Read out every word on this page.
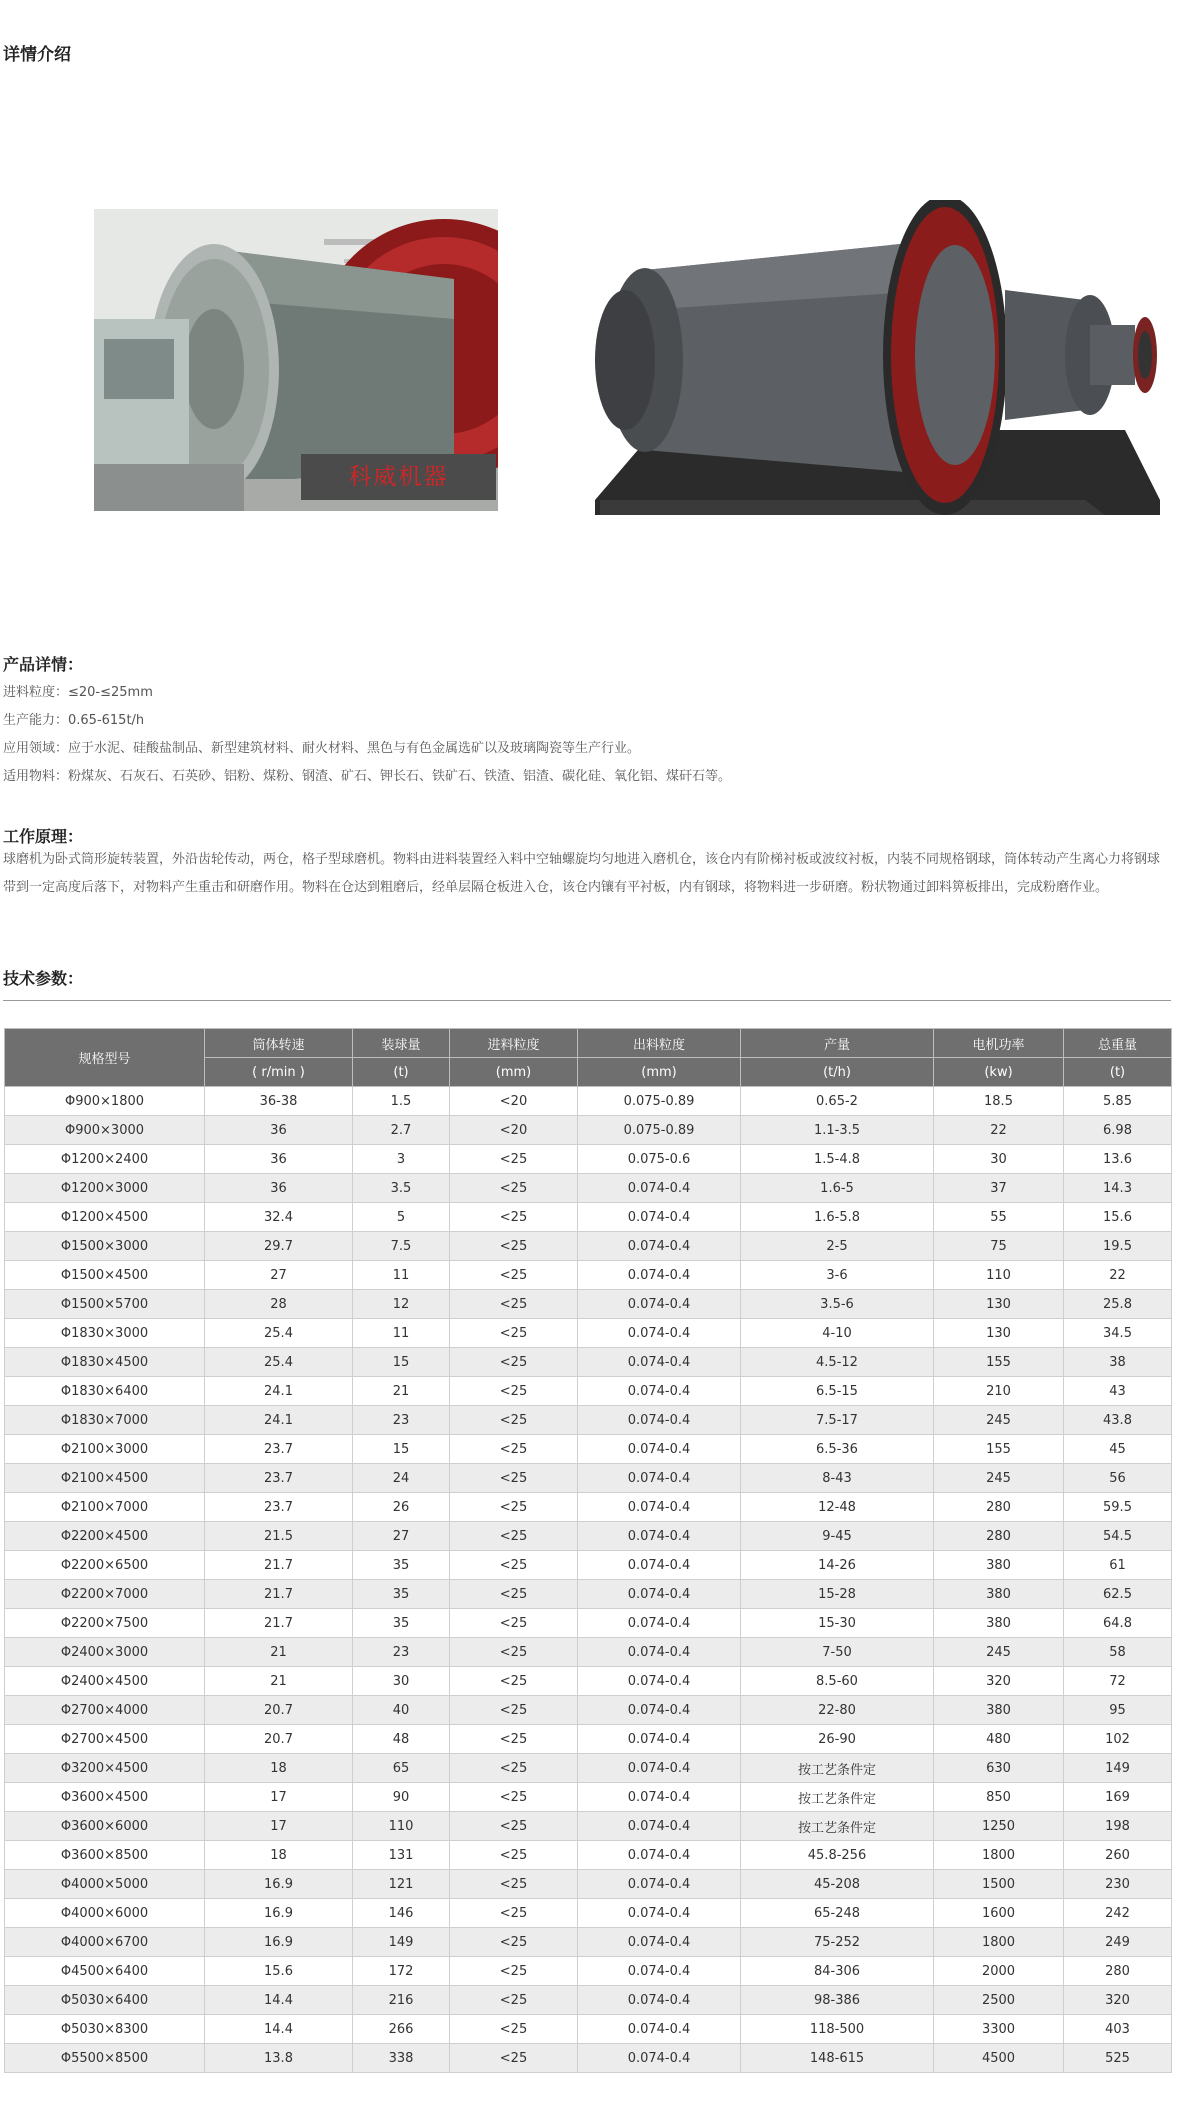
详情介绍
科威机器
产品详情：
进料粒度：≤20-≤25mm
生产能力：0.65-615t/h
应用领域：应于水泥、硅酸盐制品、新型建筑材料、耐火材料、黑色与有色金属选矿以及玻璃陶瓷等生产行业。
适用物料：粉煤灰、石灰石、石英砂、铝粉、煤粉、钢渣、矿石、钾长石、铁矿石、铁渣、铝渣、碳化硅、氧化铝、煤矸石等。
工作原理：
球磨机为卧式筒形旋转装置，外沿齿轮传动，两仓，格子型球磨机。物料由进料装置经入料中空轴螺旋均匀地进入磨机仓，该仓内有阶梯衬板或波纹衬板，内装不同规格钢球，筒体转动产生离心力将钢球带到一定高度后落下，对物料产生重击和研磨作用。物料在仓达到粗磨后，经单层隔仓板进入仓，该仓内镶有平衬板，内有钢球，将物料进一步研磨。粉状物通过卸料箅板排出，完成粉磨作业。
技术参数：
规格型号	筒体转速	装球量	进料粒度	出料粒度	产量	电机功率	总重量
	( r/min )	(t)	(mm)	(mm)	(t/h)	(kw)	(t)
Φ900×1800	36-38	1.5	<20	0.075-0.89	0.65-2	18.5	5.85
Φ900×3000	36	2.7	<20	0.075-0.89	1.1-3.5	22	6.98
Φ1200×2400	36	3	<25	0.075-0.6	1.5-4.8	30	13.6
Φ1200×3000	36	3.5	<25	0.074-0.4	1.6-5	37	14.3
Φ1200×4500	32.4	5	<25	0.074-0.4	1.6-5.8	55	15.6
Φ1500×3000	29.7	7.5	<25	0.074-0.4	2-5	75	19.5
Φ1500×4500	27	11	<25	0.074-0.4	3-6	110	22
Φ1500×5700	28	12	<25	0.074-0.4	3.5-6	130	25.8
Φ1830×3000	25.4	11	<25	0.074-0.4	4-10	130	34.5
Φ1830×4500	25.4	15	<25	0.074-0.4	4.5-12	155	38
Φ1830×6400	24.1	21	<25	0.074-0.4	6.5-15	210	43
Φ1830×7000	24.1	23	<25	0.074-0.4	7.5-17	245	43.8
Φ2100×3000	23.7	15	<25	0.074-0.4	6.5-36	155	45
Φ2100×4500	23.7	24	<25	0.074-0.4	8-43	245	56
Φ2100×7000	23.7	26	<25	0.074-0.4	12-48	280	59.5
Φ2200×4500	21.5	27	<25	0.074-0.4	9-45	280	54.5
Φ2200×6500	21.7	35	<25	0.074-0.4	14-26	380	61
Φ2200×7000	21.7	35	<25	0.074-0.4	15-28	380	62.5
Φ2200×7500	21.7	35	<25	0.074-0.4	15-30	380	64.8
Φ2400×3000	21	23	<25	0.074-0.4	7-50	245	58
Φ2400×4500	21	30	<25	0.074-0.4	8.5-60	320	72
Φ2700×4000	20.7	40	<25	0.074-0.4	22-80	380	95
Φ2700×4500	20.7	48	<25	0.074-0.4	26-90	480	102
Φ3200×4500	18	65	<25	0.074-0.4	按工艺条件定	630	149
Φ3600×4500	17	90	<25	0.074-0.4	按工艺条件定	850	169
Φ3600×6000	17	110	<25	0.074-0.4	按工艺条件定	1250	198
Φ3600×8500	18	131	<25	0.074-0.4	45.8-256	1800	260
Φ4000×5000	16.9	121	<25	0.074-0.4	45-208	1500	230
Φ4000×6000	16.9	146	<25	0.074-0.4	65-248	1600	242
Φ4000×6700	16.9	149	<25	0.074-0.4	75-252	1800	249
Φ4500×6400	15.6	172	<25	0.074-0.4	84-306	2000	280
Φ5030×6400	14.4	216	<25	0.074-0.4	98-386	2500	320
Φ5030×8300	14.4	266	<25	0.074-0.4	118-500	3300	403
Φ5500×8500	13.8	338	<25	0.074-0.4	148-615	4500	525
